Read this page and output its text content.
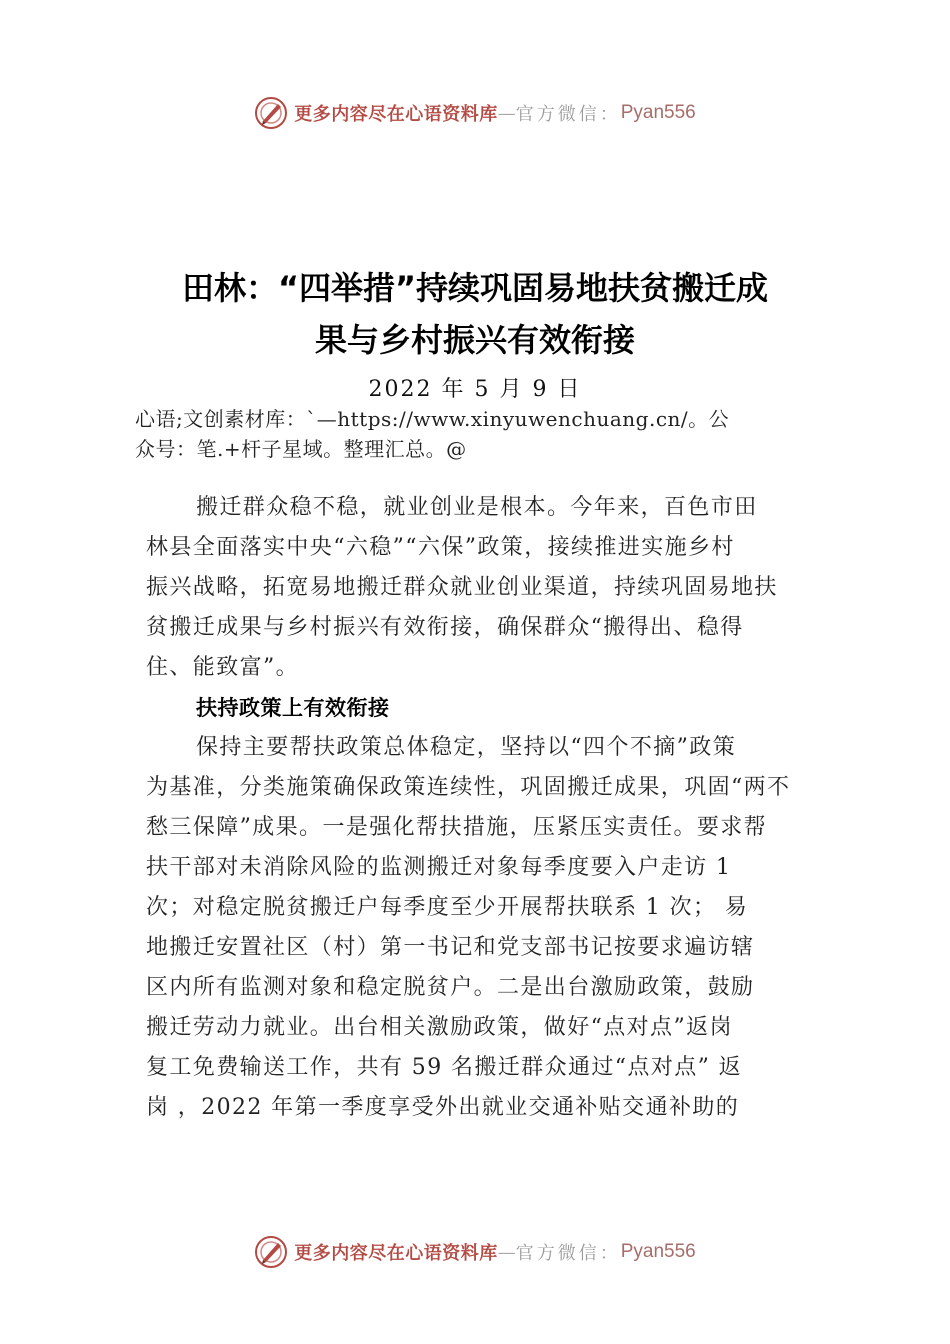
更多内容尽在心语资料库 — 官方微信： Pyan556
田林：“四举措”持续巩固易地扶贫搬迁成
果与乡村振兴有效衔接
2022 年 5 月 9 日
心语;文创素材库：`—https://www.xinyuwenchuang.cn/。公
众号：笔.+杆子星域。整理汇总。@
搬迁群众稳不稳，就业创业是根本。今年来，百色市田
林县全面落实中央“六稳”“六保”政策，接续推进实施乡村
振兴战略，拓宽易地搬迁群众就业创业渠道，持续巩固易地扶
贫搬迁成果与乡村振兴有效衔接，确保群众“搬得出、稳得
住、能致富”。
扶持政策上有效衔接
保持主要帮扶政策总体稳定，坚持以“四个不摘”政策
为基准，分类施策确保政策连续性，巩固搬迁成果，巩固“两不
愁三保障”成果。一是强化帮扶措施，压紧压实责任。要求帮
扶干部对未消除风险的监测搬迁对象每季度要入户走访 1
次；对稳定脱贫搬迁户每季度至少开展帮扶联系 1 次； 易
地搬迁安置社区（村）第一书记和党支部书记按要求遍访辖
区内所有监测对象和稳定脱贫户。二是出台激励政策，鼓励
搬迁劳动力就业。出台相关激励政策，做好“点对点”返岗
复工免费输送工作，共有 59 名搬迁群众通过“点对点” 返
岗 ，2022 年第一季度享受外出就业交通补贴交通补助的
更多内容尽在心语资料库 — 官方微信： Pyan556
